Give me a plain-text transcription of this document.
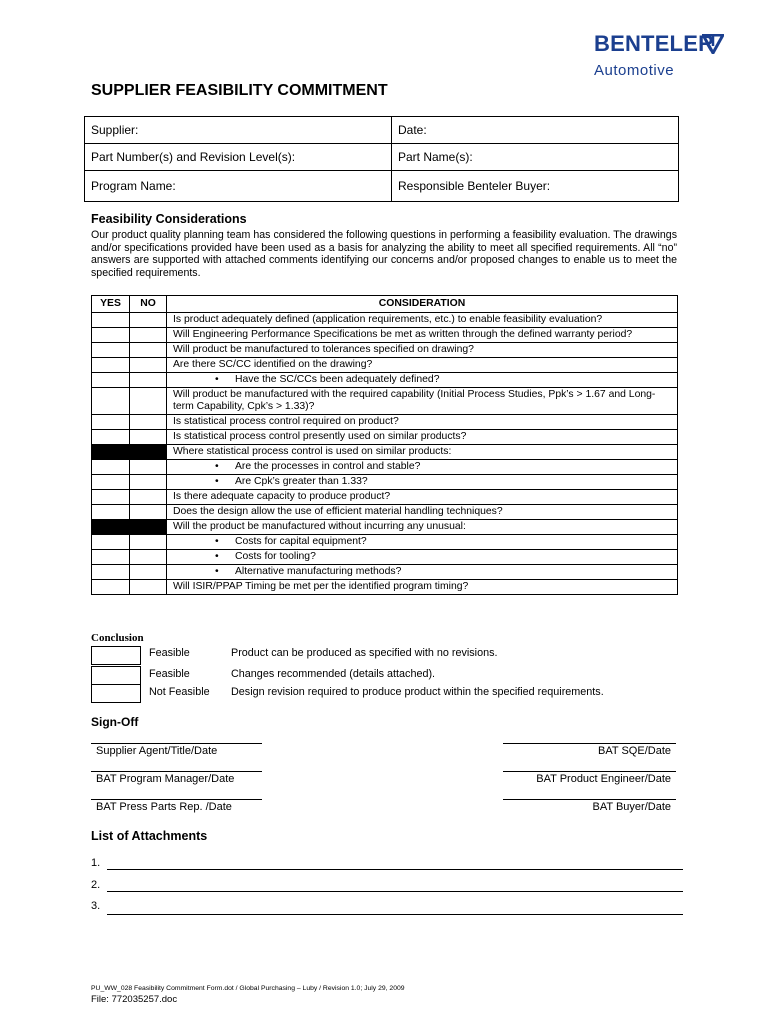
BENTELER
Automotive
SUPPLIER FEASIBILITY COMMITMENT
Supplier:	Date:
Part Number(s) and Revision Level(s):	Part Name(s):
Program Name:	Responsible Benteler Buyer:
Feasibility Considerations
Our product quality planning team has considered the following questions in performing a feasibility evaluation. The drawings and/or specifications provided have been used as a basis for analyzing the ability to meet all specified requirements. All “no” answers are supported with attached comments identifying our concerns and/or proposed changes to enable us to meet the specified requirements.
YES	NO	CONSIDERATION
		Is product adequately defined (application requirements, etc.) to enable feasibility evaluation?
		Will Engineering Performance Specifications be met as written through the defined warranty period?
		Will product be manufactured to tolerances specified on drawing?
		Are there SC/CC identified on the drawing?
		• Have the SC/CCs been adequately defined?
		Will product be manufactured with the required capability (Initial Process Studies, Ppk’s > 1.67 and Long-term Capability, Cpk’s > 1.33)?
		Is statistical process control required on product?
		Is statistical process control presently used on similar products?
		Where statistical process control is used on similar products:
		• Are the processes in control and stable?
		• Are Cpk’s greater than 1.33?
		Is there adequate capacity to produce product?
		Does the design allow the use of efficient material handling techniques?
		Will the product be manufactured without incurring any unusual:
		• Costs for capital equipment?
		• Costs for tooling?
		• Alternative manufacturing methods?
		Will ISIR/PPAP Timing be met per the identified program timing?
Conclusion
Feasible	Product can be produced as specified with no revisions.
Feasible	Changes recommended (details attached).
Not Feasible Design revision required to produce product within the specified requirements.
Sign-Off
Supplier Agent/Title/Date	BAT SQE/Date
BAT Program Manager/Date	BAT Product Engineer/Date
BAT Press Parts Rep. /Date	BAT Buyer/Date
List of Attachments
1.
2.
3.
PU_WW_028 Feasibility Commitment Form.dot / Global Purchasing – Luby / Revision 1.0; July 29, 2009
File: 772035257.doc
